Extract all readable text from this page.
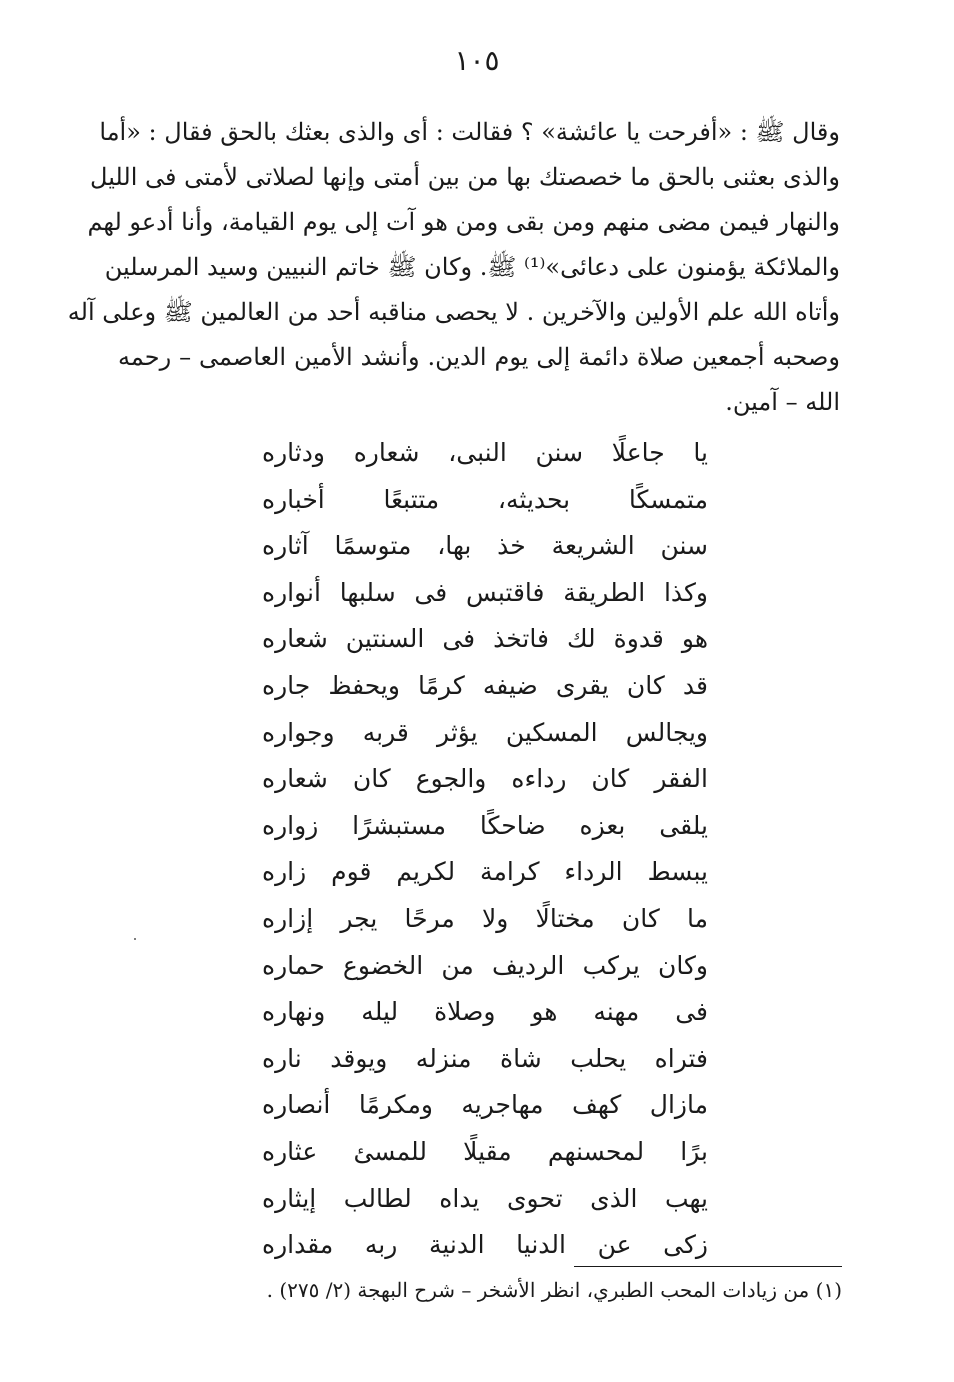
١٠٥
وقال ﷺ : «أفرحت يا عائشة» ؟ فقالت : أى والذى بعثك بالحق فقال : «أما
والذى بعثنى بالحق ما خصصتك بها من بين أمتى وإنها لصلاتى لأمتى فى الليل
والنهار فيمن مضى منهم ومن بقى ومن هو آت إلى يوم القيامة، وأنا أدعو لهم
والملائكة يؤمنون على دعائى»⁽¹⁾ ﷺ. وكان ﷺ خاتم النبيين وسيد المرسلين
وأتاه الله علم الأولين والآخرين . لا يحصى مناقبه أحد من العالمين ﷺ وعلى آله
وصحبه أجمعين صلاة دائمة إلى يوم الدين. وأنشد الأمين العاصمى – رحمه
الله – آمين.
يا جاعلًا سنن النبى، شعاره ودثاره
متمسكًا بحديثه، متتبعًا أخباره
سنن الشريعة خذ بها، متوسمًا آثاره
وكذا الطريقة فاقتبس فى سلبها أنواره
هو قدوة لك فاتخذ فى السنتين شعاره
قد كان يقرى ضيفه كرمًا ويحفظ جاره
ويجالس المسكين يؤثر قربه وجواره
الفقر كان رداءه والجوع كان شعاره
يلقى بعزه ضاحكًا مستبشرًا زواره
يبسط الرداء كرامة لكريم قوم زاره
ما كان مختالًا ولا مرحًا يجر إزاره
وكان يركب الرديف من الخضوع حماره
فى مهنه هو وصلاة ليله ونهاره
فتراه يحلب شاة منزله ويوقد ناره
مازال كهف مهاجريه ومكرمًا أنصاره
برًا لمحسنهم مقيلًا للمسئ عثاره
يهب الذى تحوى يداه لطالب إيثاره
زكى عن الدنيا الدنية ربه مقداره
(١) من زيادات المحب الطبري، انظر الأشخر – شرح البهجة (٢/ ٢٧٥) .
